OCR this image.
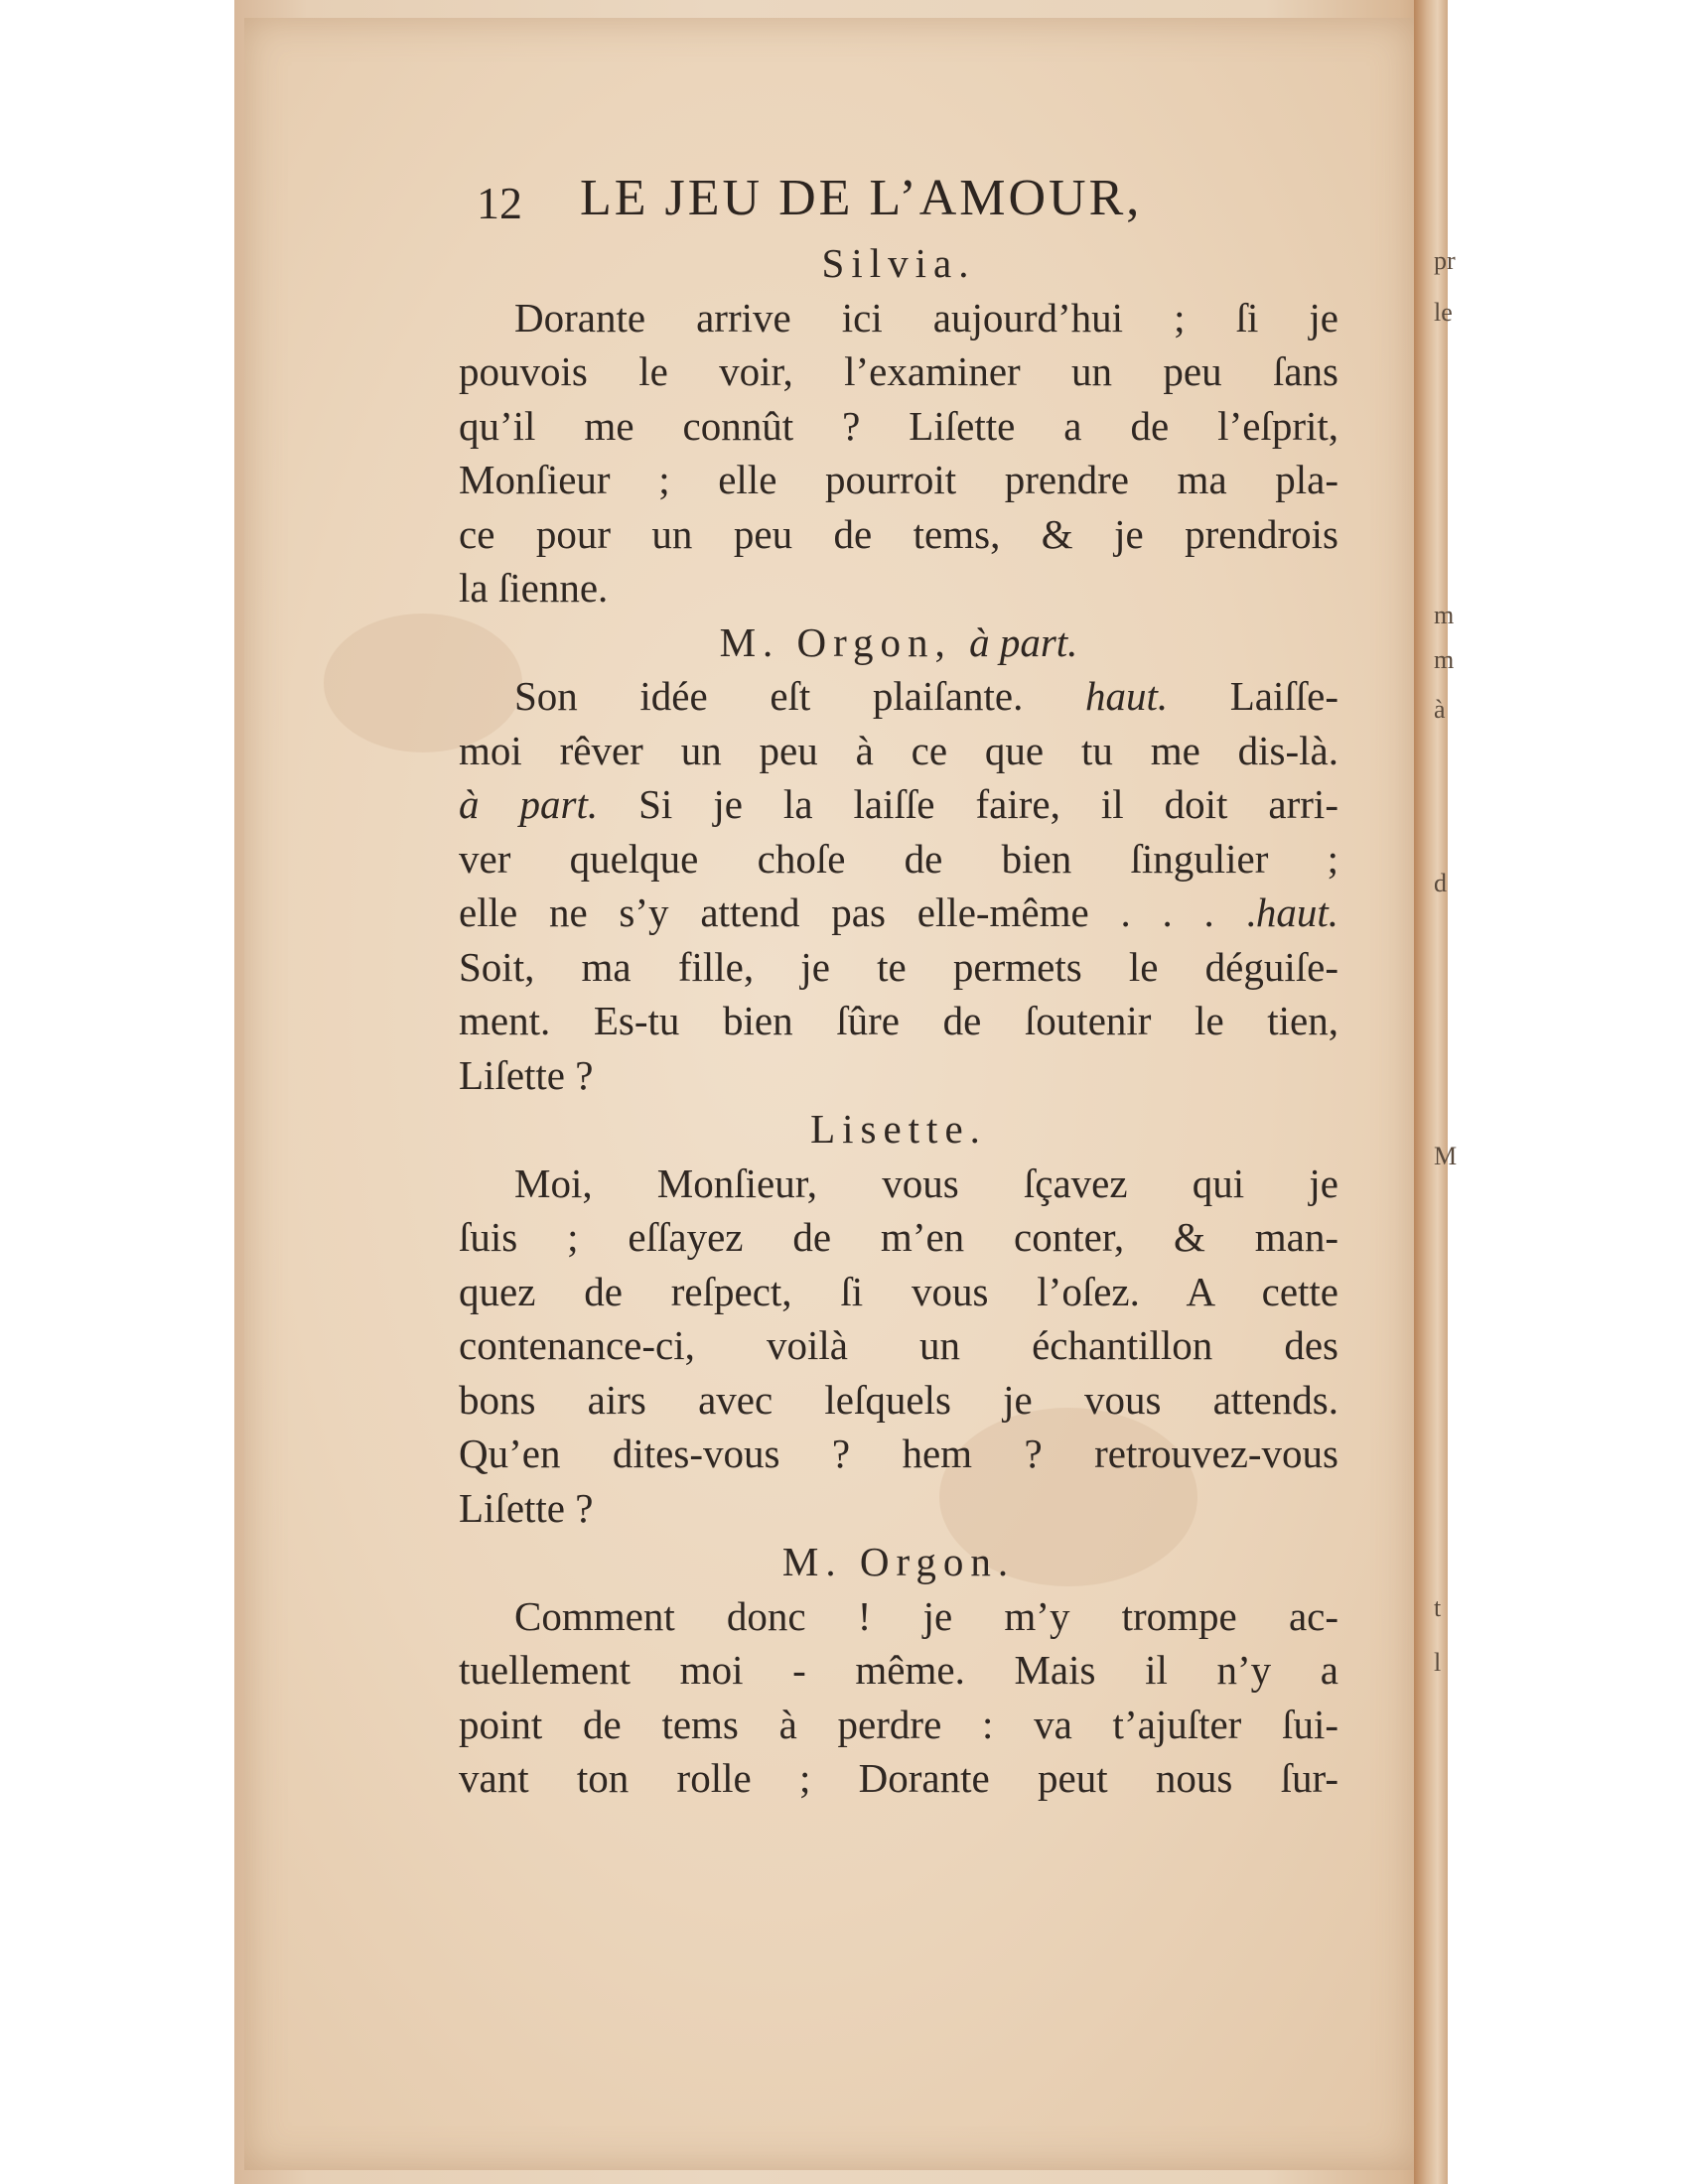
pr
le
m
m
à
d
M
t
l
12 LE JEU DE L’AMOUR,
Silvia.
Dorante arrive ici aujourd’hui ; ſi je
pouvois le voir, l’examiner un peu ſans
qu’il me connût ? Liſette a de l’eſprit,
Monſieur ; elle pourroit prendre ma pla-
ce pour un peu de tems, & je prendrois
la ſienne.
M. Orgon, à part.
Son idée eſt plaiſante. haut. Laiſſe-
moi rêver un peu à ce que tu me dis-là.
à part. Si je la laiſſe faire, il doit arri-
ver quelque choſe de bien ſingulier ;
elle ne s’y attend pas elle-même . . . .haut.
Soit, ma fille, je te permets le déguiſe-
ment. Es-tu bien ſûre de ſoutenir le tien,
Liſette ?
Lisette.
Moi, Monſieur, vous ſçavez qui je
ſuis ; eſſayez de m’en conter, & man-
quez de reſpect, ſi vous l’oſez. A cette
contenance-ci, voilà un échantillon des
bons airs avec leſquels je vous attends.
Qu’en dites-vous ? hem ? retrouvez-vous
Liſette ?
M. Orgon.
Comment donc ! je m’y trompe ac-
tuellement moi - même. Mais il n’y a
point de tems à perdre : va t’ajuſter ſui-
vant ton rolle ; Dorante peut nous ſur-
